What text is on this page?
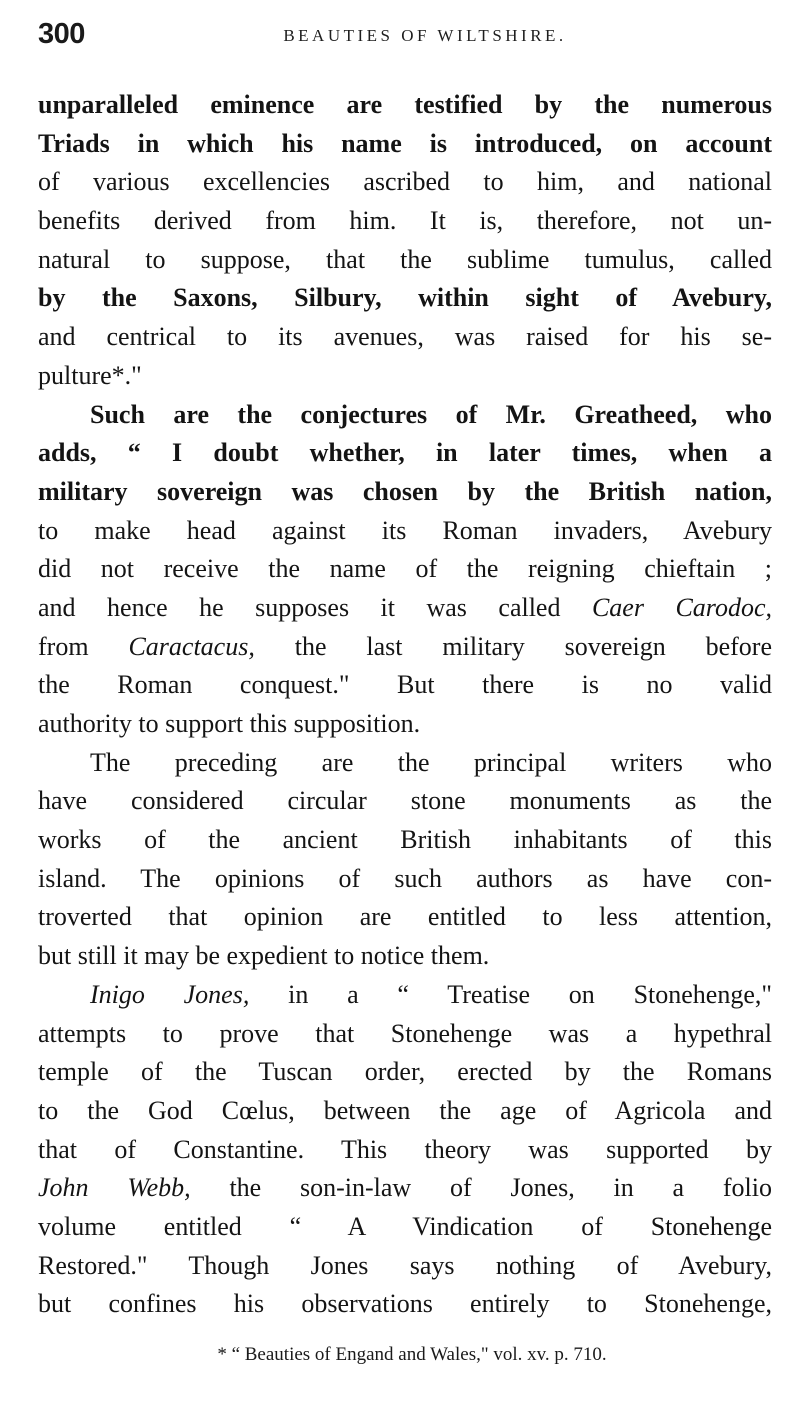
300	BEAUTIES OF WILTSHIRE.
unparalleled eminence are testified by the numerous
Triads in which his name is introduced, on account
of various excellencies ascribed to him, and national
benefits derived from him. It is, therefore, not un-
natural to suppose, that the sublime tumulus, called
by the Saxons, Silbury, within sight of Avebury,
and centrical to its avenues, was raised for his se-
pulture*."
Such are the conjectures of Mr. Greatheed, who
adds, “ I doubt whether, in later times, when a
military sovereign was chosen by the British nation,
to make head against its Roman invaders, Avebury
did not receive the name of the reigning chieftain ;
and hence he supposes it was called Caer Carodoc,
from Caractacus, the last military sovereign before
the Roman conquest." But there is no valid
authority to support this supposition.
The preceding are the principal writers who
have considered circular stone monuments as the
works of the ancient British inhabitants of this
island. The opinions of such authors as have con-
troverted that opinion are entitled to less attention,
but still it may be expedient to notice them.
Inigo Jones, in a “ Treatise on Stonehenge,"
attempts to prove that Stonehenge was a hypethral
temple of the Tuscan order, erected by the Romans
to the God Cœlus, between the age of Agricola and
that of Constantine. This theory was supported by
John Webb, the son-in-law of Jones, in a folio
volume entitled “ A Vindication of Stonehenge
Restored." Though Jones says nothing of Avebury,
but confines his observations entirely to Stonehenge,
* “ Beauties of Engand and Wales," vol. xv. p. 710.
